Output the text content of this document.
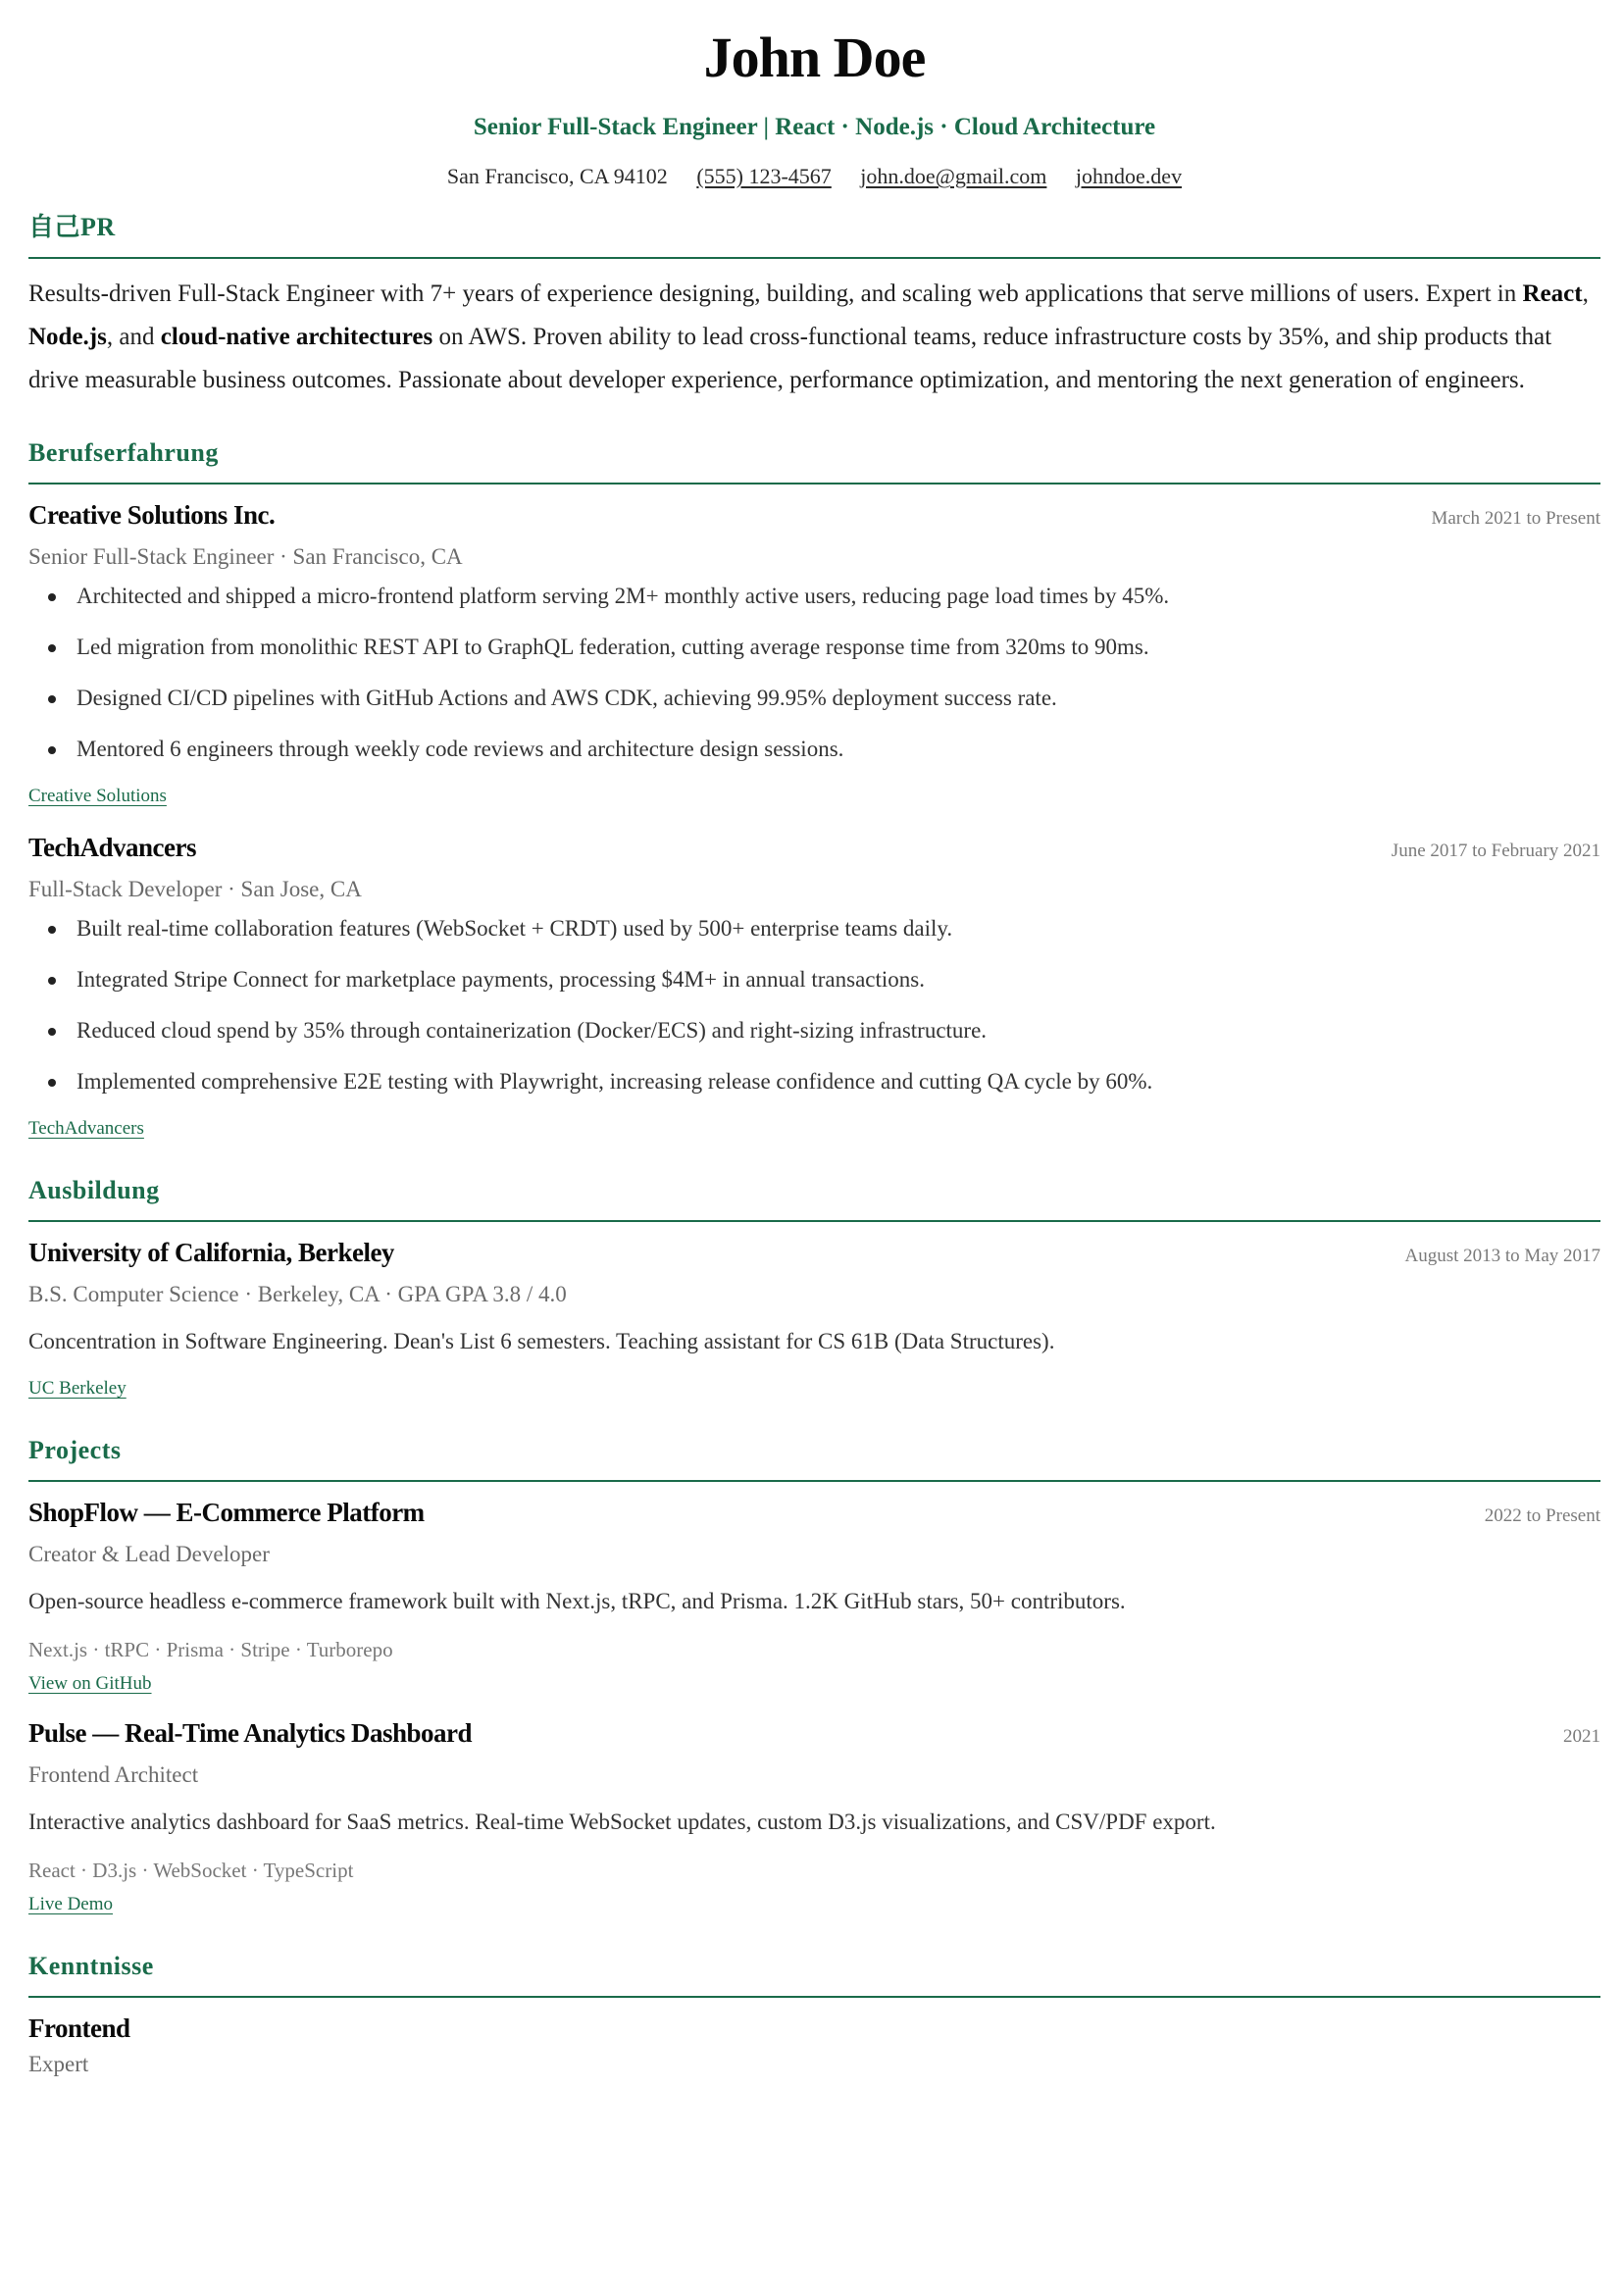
John Doe
Senior Full-Stack Engineer | React · Node.js · Cloud Architecture
San Francisco, CA 94102 (555) 123-4567 john.doe@gmail.com johndoe.dev
自己PR
Results-driven Full-Stack Engineer with 7+ years of experience designing, building, and scaling web applications that serve millions of users. Expert in React, Node.js, and cloud-native architectures on AWS. Proven ability to lead cross-functional teams, reduce infrastructure costs by 35%, and ship products that drive measurable business outcomes. Passionate about developer experience, performance optimization, and mentoring the next generation of engineers.
Berufserfahrung
Creative Solutions Inc.	March 2021 to Present
Senior Full-Stack Engineer · San Francisco, CA
Architected and shipped a micro-frontend platform serving 2M+ monthly active users, reducing page load times by 45%.
Led migration from monolithic REST API to GraphQL federation, cutting average response time from 320ms to 90ms.
Designed CI/CD pipelines with GitHub Actions and AWS CDK, achieving 99.95% deployment success rate.
Mentored 6 engineers through weekly code reviews and architecture design sessions.
Creative Solutions
TechAdvancers	June 2017 to February 2021
Full-Stack Developer · San Jose, CA
Built real-time collaboration features (WebSocket + CRDT) used by 500+ enterprise teams daily.
Integrated Stripe Connect for marketplace payments, processing $4M+ in annual transactions.
Reduced cloud spend by 35% through containerization (Docker/ECS) and right-sizing infrastructure.
Implemented comprehensive E2E testing with Playwright, increasing release confidence and cutting QA cycle by 60%.
TechAdvancers
Ausbildung
University of California, Berkeley	August 2013 to May 2017
B.S. Computer Science · Berkeley, CA · GPA GPA 3.8 / 4.0
Concentration in Software Engineering. Dean's List 6 semesters. Teaching assistant for CS 61B (Data Structures).
UC Berkeley
Projects
ShopFlow — E-Commerce Platform	2022 to Present
Creator & Lead Developer
Open-source headless e-commerce framework built with Next.js, tRPC, and Prisma. 1.2K GitHub stars, 50+ contributors.
Next.js · tRPC · Prisma · Stripe · Turborepo
View on GitHub
Pulse — Real-Time Analytics Dashboard	2021
Frontend Architect
Interactive analytics dashboard for SaaS metrics. Real-time WebSocket updates, custom D3.js visualizations, and CSV/PDF export.
React · D3.js · WebSocket · TypeScript
Live Demo
Kenntnisse
Frontend
Expert
